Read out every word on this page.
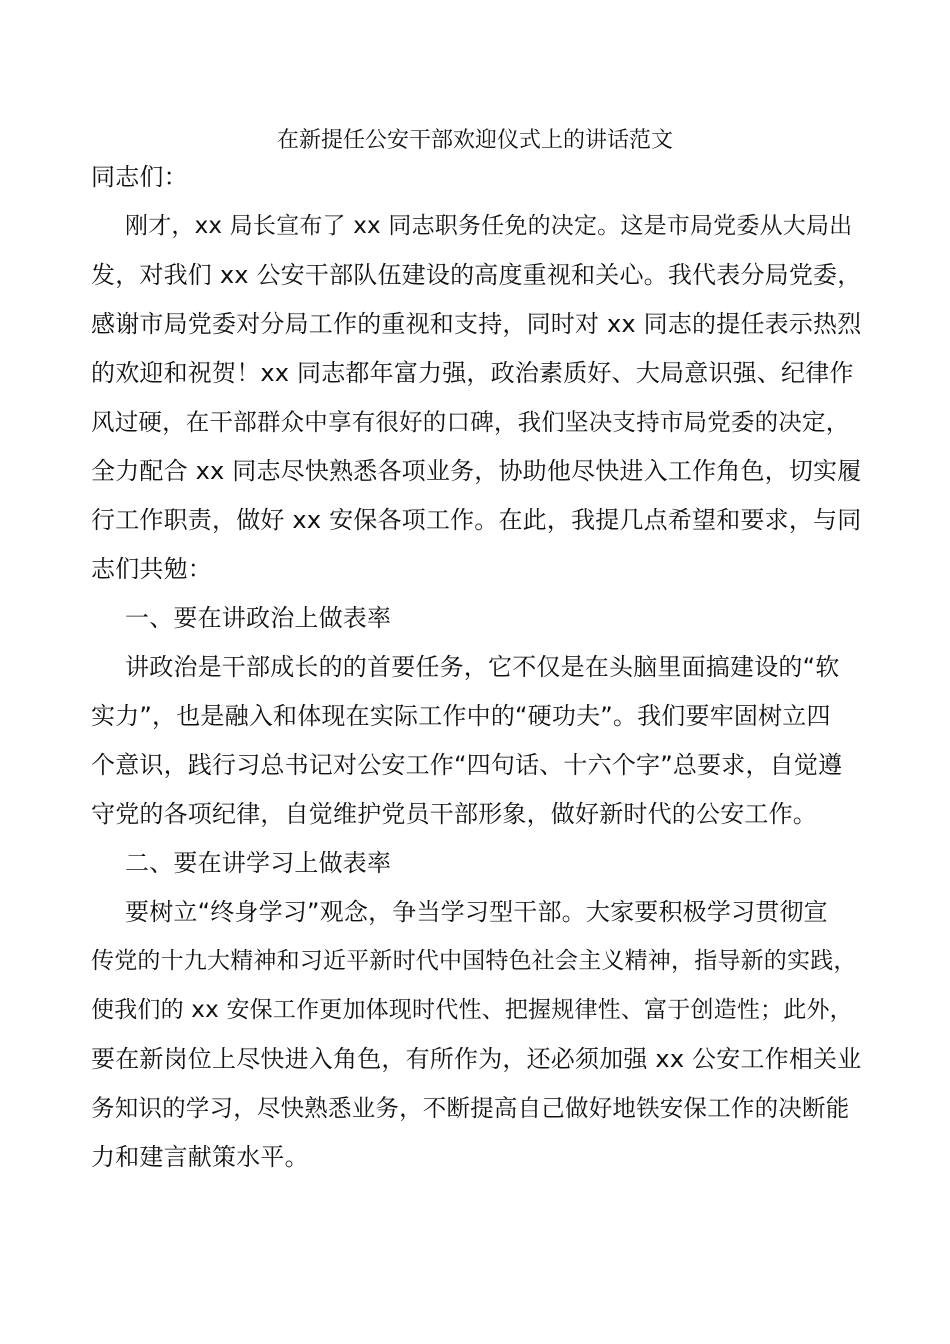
在新提任公安干部欢迎仪式上的讲话范文
同志们：
刚才，xx 局长宣布了 xx 同志职务任免的决定。这是市局党委从大局出
发，对我们 xx 公安干部队伍建设的高度重视和关心。我代表分局党委，
感谢市局党委对分局工作的重视和支持，同时对 xx 同志的提任表示热烈
的欢迎和祝贺！xx 同志都年富力强，政治素质好、大局意识强、纪律作
风过硬，在干部群众中享有很好的口碑，我们坚决支持市局党委的决定，
全力配合 xx 同志尽快熟悉各项业务，协助他尽快进入工作角色，切实履
行工作职责，做好 xx 安保各项工作。在此，我提几点希望和要求，与同
志们共勉：
一、要在讲政治上做表率
讲政治是干部成长的的首要任务，它不仅是在头脑里面搞建设的“软
实力”，也是融入和体现在实际工作中的“硬功夫”。我们要牢固树立四
个意识，践行习总书记对公安工作“四句话、十六个字”总要求，自觉遵
守党的各项纪律，自觉维护党员干部形象，做好新时代的公安工作。
二、要在讲学习上做表率
要树立“终身学习”观念，争当学习型干部。大家要积极学习贯彻宣
传党的十九大精神和习近平新时代中国特色社会主义精神，指导新的实践，
使我们的 xx 安保工作更加体现时代性、把握规律性、富于创造性；此外，
要在新岗位上尽快进入角色，有所作为，还必须加强 xx 公安工作相关业
务知识的学习，尽快熟悉业务，不断提高自己做好地铁安保工作的决断能
力和建言献策水平。
